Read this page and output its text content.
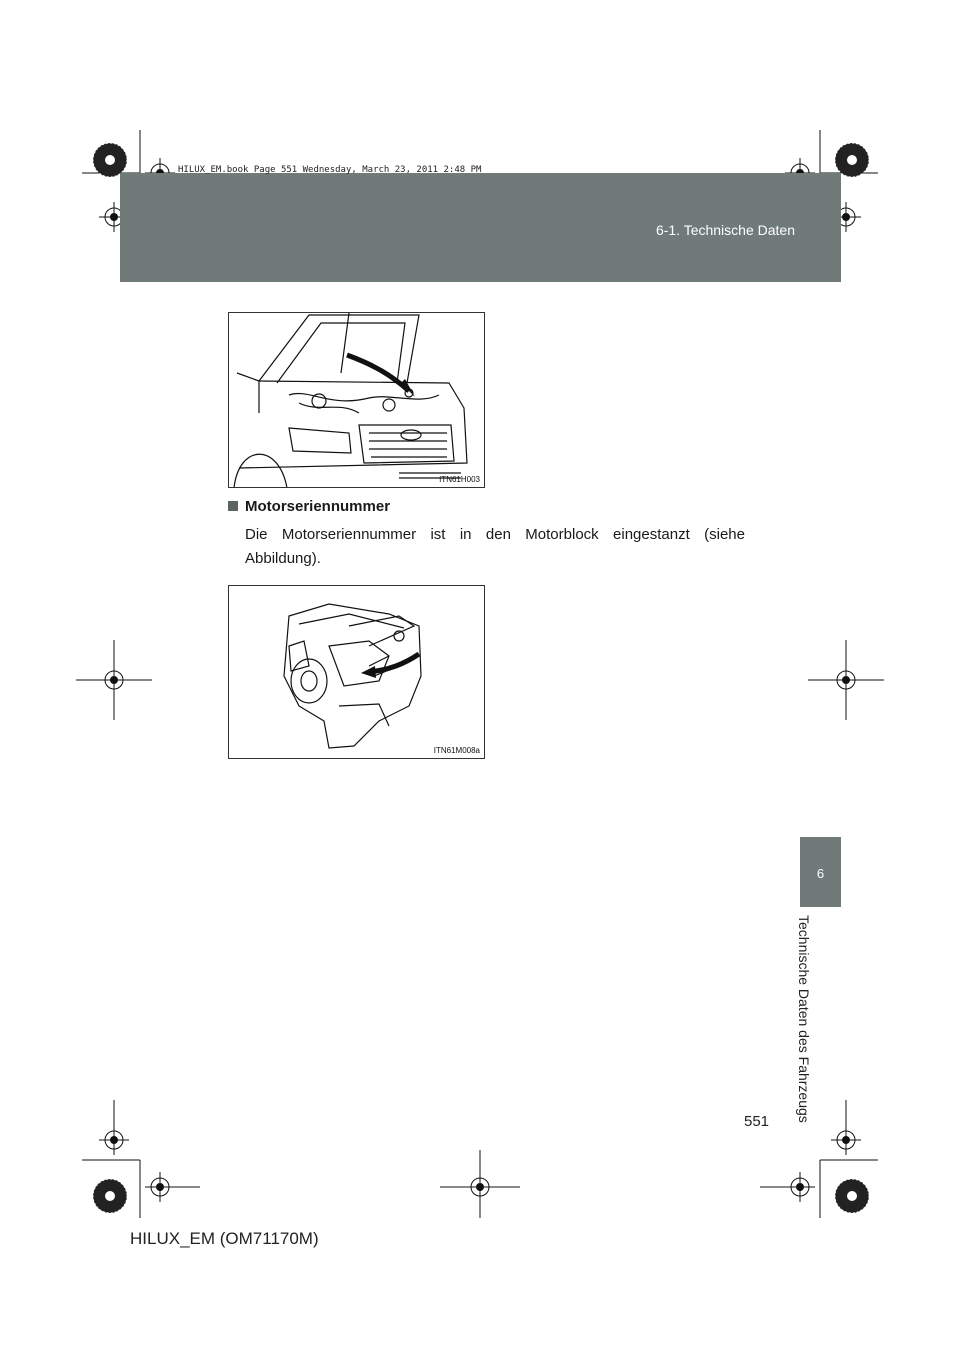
HILUX_EM.book Page 551 Wednesday, March 23, 2011 2:48 PM
6-1. Technische Daten
ITN61H003
Motorseriennummer
Die Motorseriennummer ist in den Motorblock eingestanzt (siehe Abbildung).
ITN61M008a
6
Technische Daten des Fahrzeugs
551
HILUX_EM (OM71170M)
